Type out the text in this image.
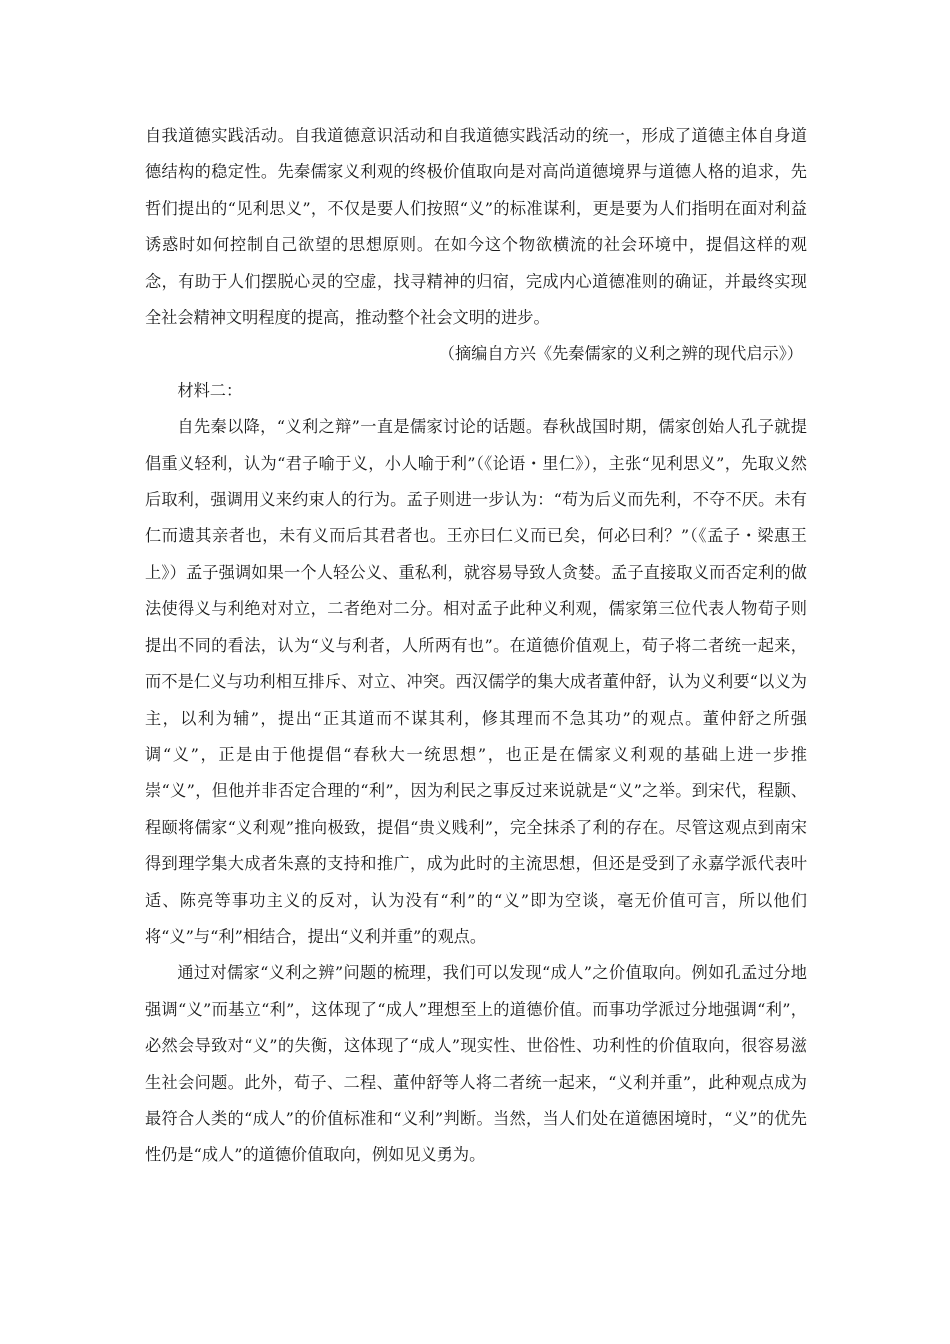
自我道德实践活动。自我道德意识活动和自我道德实践活动的统一，形成了道德主体自身道德结构的稳定性。先秦儒家义利观的终极价值取向是对高尚道德境界与道德人格的追求，先哲们提出的“见利思义”，不仅是要人们按照“义”的标准谋利，更是要为人们指明在面对利益诱惑时如何控制自己欲望的思想原则。在如今这个物欲横流的社会环境中，提倡这样的观念，有助于人们摆脱心灵的空虚，找寻精神的归宿，完成内心道德准则的确证，并最终实现全社会精神文明程度的提高，推动整个社会文明的进步。

（摘编自方兴《先秦儒家的义利之辨的现代启示》）

材料二：

自先秦以降，“义利之辩”一直是儒家讨论的话题。春秋战国时期，儒家创始人孔子就提倡重义轻利，认为“君子喻于义，小人喻于利”（《论语・里仁》），主张“见利思义”，先取义然后取利，强调用义来约束人的行为。孟子则进一步认为：“苟为后义而先利，不夺不厌。未有仁而遗其亲者也，未有义而后其君者也。王亦曰仁义而已矣，何必曰利？”（《孟子・梁惠王上》）孟子强调如果一个人轻公义、重私利，就容易导致人贪婪。孟子直接取义而否定利的做法使得义与利绝对对立，二者绝对二分。相对孟子此种义利观，儒家第三位代表人物荀子则提出不同的看法，认为“义与利者，人所两有也”。在道德价值观上，荀子将二者统一起来，而不是仁义与功利相互排斥、对立、冲突。西汉儒学的集大成者董仲舒，认为义利要“以义为主，以利为辅”，提出“正其道而不谋其利，修其理而不急其功”的观点。董仲舒之所强调“义”，正是由于他提倡“春秋大一统思想”，也正是在儒家义利观的基础上进一步推崇“义”，但他并非否定合理的“利”，因为利民之事反过来说就是“义”之举。到宋代，程颢、程颐将儒家“义利观”推向极致，提倡“贵义贱利”，完全抹杀了利的存在。尽管这观点到南宋得到理学集大成者朱熹的支持和推广，成为此时的主流思想，但还是受到了永嘉学派代表叶适、陈亮等事功主义的反对，认为没有“利”的“义”即为空谈，毫无价值可言，所以他们将“义”与“利”相结合，提出“义利并重”的观点。

通过对儒家“义利之辨”问题的梳理，我们可以发现“成人”之价值取向。例如孔孟过分地强调“义”而基立“利”，这体现了“成人”理想至上的道德价值。而事功学派过分地强调“利”，必然会导致对“义”的失衡，这体现了“成人”现实性、世俗性、功利性的价值取向，很容易滋生社会问题。此外，荀子、二程、董仲舒等人将二者统一起来，“义利并重”，此种观点成为最符合人类的“成人”的价值标准和“义利”判断。当然，当人们处在道德困境时，“义”的优先性仍是“成人”的道德价值取向，例如见义勇为。
